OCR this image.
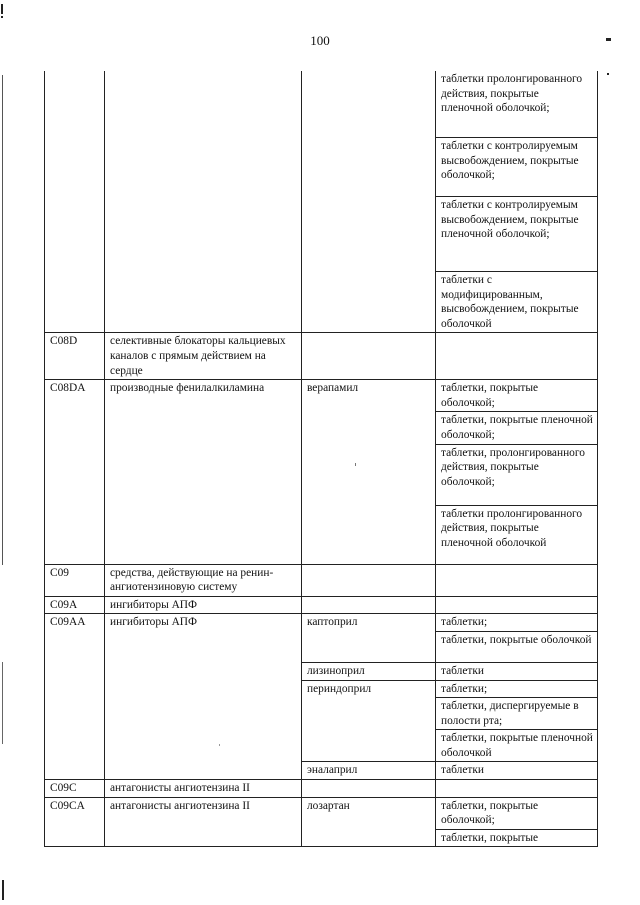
100
			таблетки пролонгированного действия, покрытые пленочной оболочкой;
			таблетки с контролируемым высвобождением, покрытые оболочкой;
			таблетки с контролируемым высвобождением, покрытые пленочной оболочкой;
			таблетки с модифицированным, высвобождением, покрытые оболочкой
C08D	селективные блокаторы кальциевых каналов с прямым действием на сердце		
C08DA	производные фенилалкиламина	верапамил	таблетки, покрытые оболочкой;
			таблетки, покрытые пленочной оболочкой;
			таблетки, пролонгированного действия, покрытые оболочкой;
			таблетки пролонгированного действия, покрытые пленочной оболочкой
C09	средства, действующие на ренин-ангиотензиновую систему		
C09A	ингибиторы АПФ		
C09AA	ингибиторы АПФ	каптоприл	таблетки;
			таблетки, покрытые оболочкой
		лизиноприл	таблетки
		периндоприл	таблетки;
			таблетки, диспергируемые в полости рта;
			таблетки, покрытые пленочной оболочкой
		эналаприл	таблетки
C09C	антагонисты ангиотензина II		
C09CA	антагонисты ангиотензина II	лозартан	таблетки, покрытые оболочкой;
			таблетки, покрытые
